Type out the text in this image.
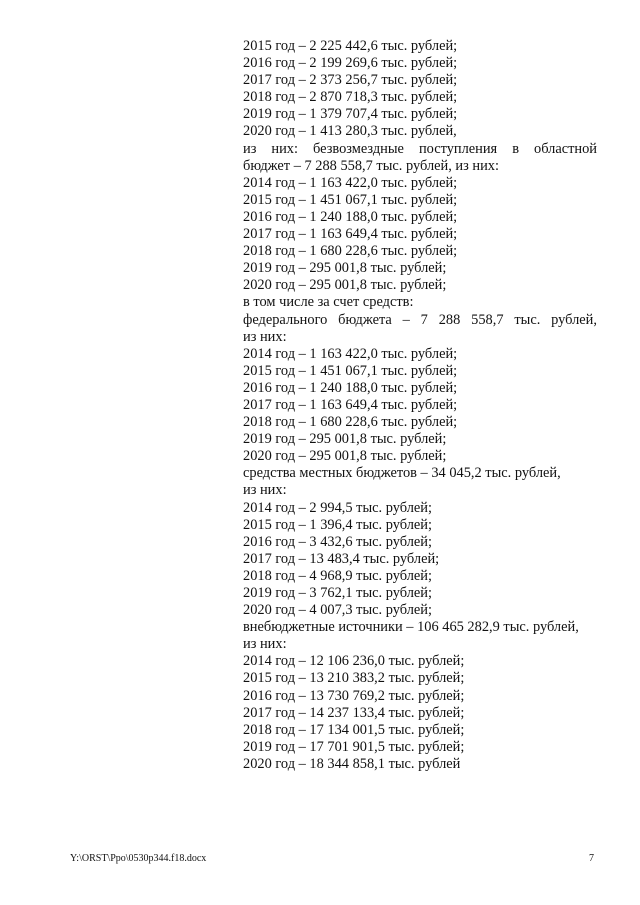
2015 год – 2 225 442,6 тыс. рублей;
2016 год – 2 199 269,6 тыс. рублей;
2017 год – 2 373 256,7 тыс. рублей;
2018 год – 2 870 718,3 тыс. рублей;
2019 год – 1 379 707,4 тыс. рублей;
2020 год – 1 413 280,3 тыс. рублей,
из них: безвозмездные поступления в областной
бюджет – 7 288 558,7 тыс. рублей, из них:
2014 год – 1 163 422,0 тыс. рублей;
2015 год – 1 451 067,1 тыс. рублей;
2016 год – 1 240 188,0 тыс. рублей;
2017 год – 1 163 649,4 тыс. рублей;
2018 год – 1 680 228,6 тыс. рублей;
2019 год – 295 001,8 тыс. рублей;
2020 год – 295 001,8 тыс. рублей;
в том числе за счет средств:
федерального бюджета – 7 288 558,7 тыс. рублей,
из них:
2014 год – 1 163 422,0 тыс. рублей;
2015 год – 1 451 067,1 тыс. рублей;
2016 год – 1 240 188,0 тыс. рублей;
2017 год – 1 163 649,4 тыс. рублей;
2018 год – 1 680 228,6 тыс. рублей;
2019 год – 295 001,8 тыс. рублей;
2020 год – 295 001,8 тыс. рублей;
средства местных бюджетов – 34 045,2 тыс. рублей,
из них:
2014 год – 2 994,5 тыс. рублей;
2015 год – 1 396,4 тыс. рублей;
2016 год – 3 432,6 тыс. рублей;
2017 год – 13 483,4 тыс. рублей;
2018 год – 4 968,9 тыс. рублей;
2019 год – 3 762,1 тыс. рублей;
2020 год – 4 007,3 тыс. рублей;
внебюджетные источники – 106 465 282,9 тыс. рублей,
из них:
2014 год – 12 106 236,0 тыс. рублей;
2015 год – 13 210 383,2 тыс. рублей;
2016 год – 13 730 769,2 тыс. рублей;
2017 год – 14 237 133,4 тыс. рублей;
2018 год – 17 134 001,5 тыс. рублей;
2019 год – 17 701 901,5 тыс. рублей;
2020 год – 18 344 858,1 тыс. рублей
Y:\ORST\Ppo\0530p344.f18.docx	7
